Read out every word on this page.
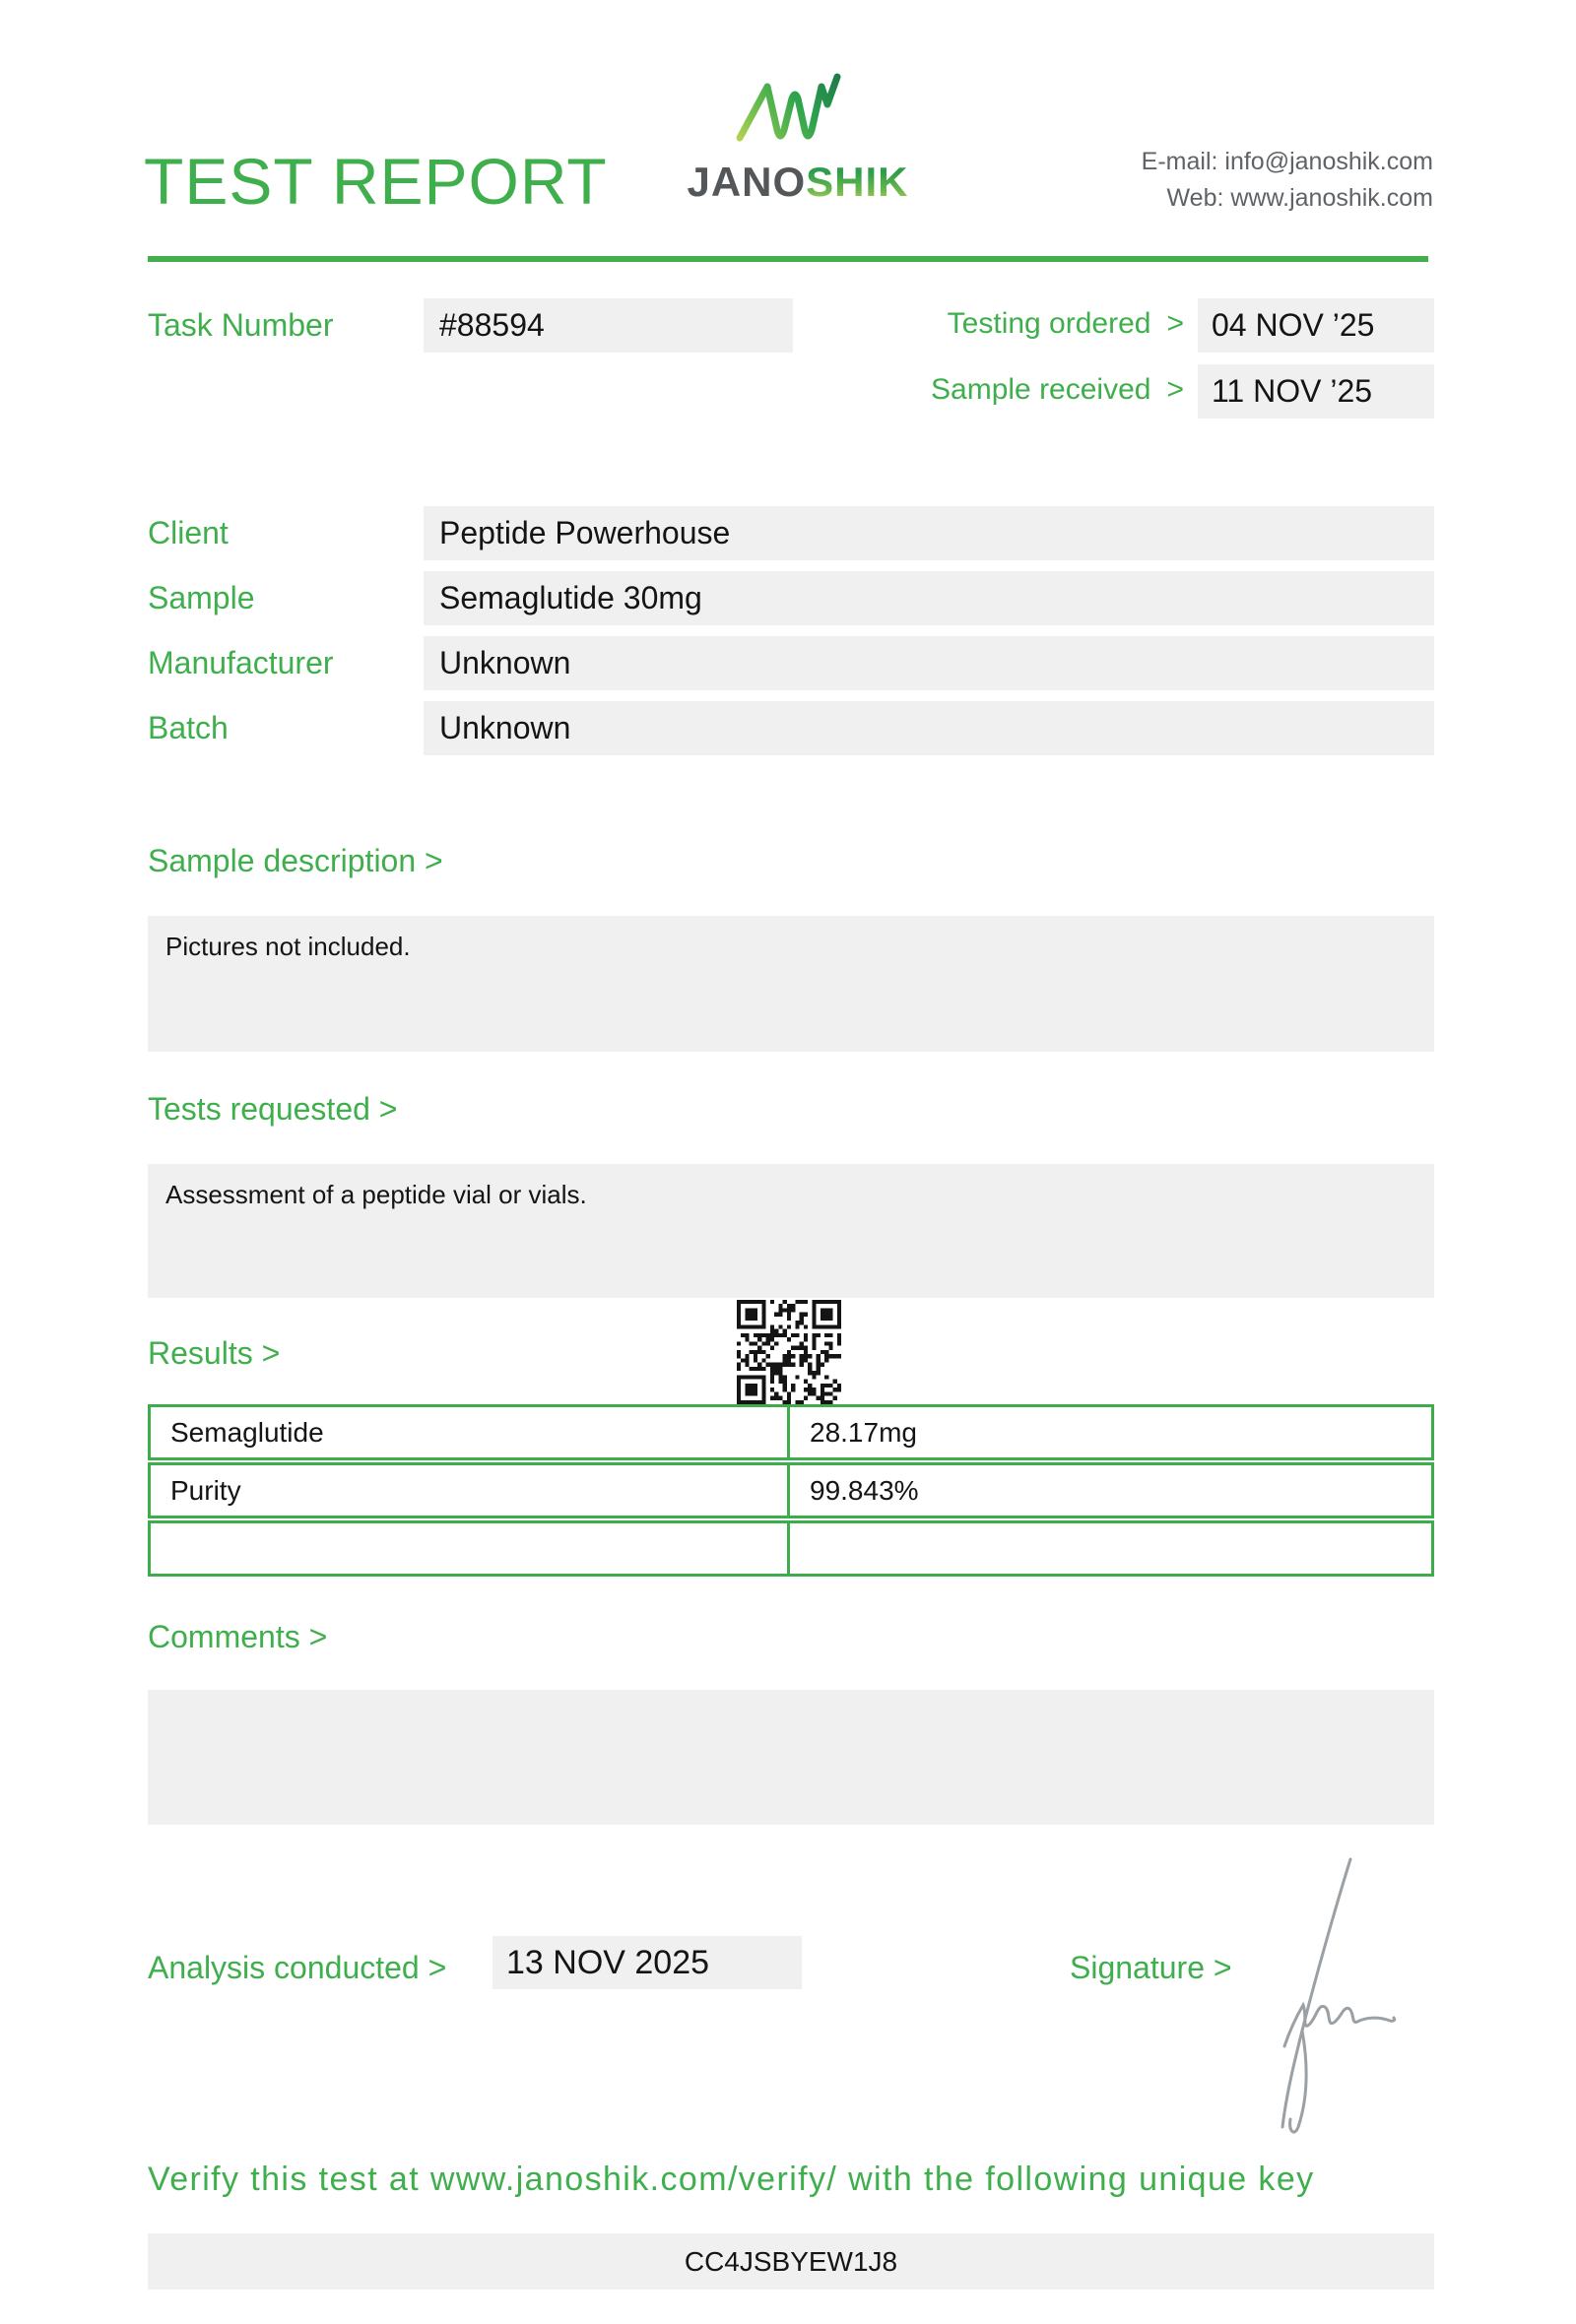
TEST REPORT	JANOSHIK	E-mail: info@janoshik.com
Web: www.janoshik.com
Task Number	#88594	Testing ordered > 04 NOV ’25
Sample received > 11 NOV ’25
Client	Peptide Powerhouse
Sample	Semaglutide 30mg
Manufacturer	Unknown
Batch	Unknown
Sample description >
Pictures not included.
Tests requested >
Assessment of a peptide vial or vials.
Results >
Semaglutide	28.17mg
Purity	99.843%
Comments >
Analysis conducted >	13 NOV 2025	Signature >
Verify this test at www.janoshik.com/verify/ with the following unique key
CC4JSBYEW1J8
